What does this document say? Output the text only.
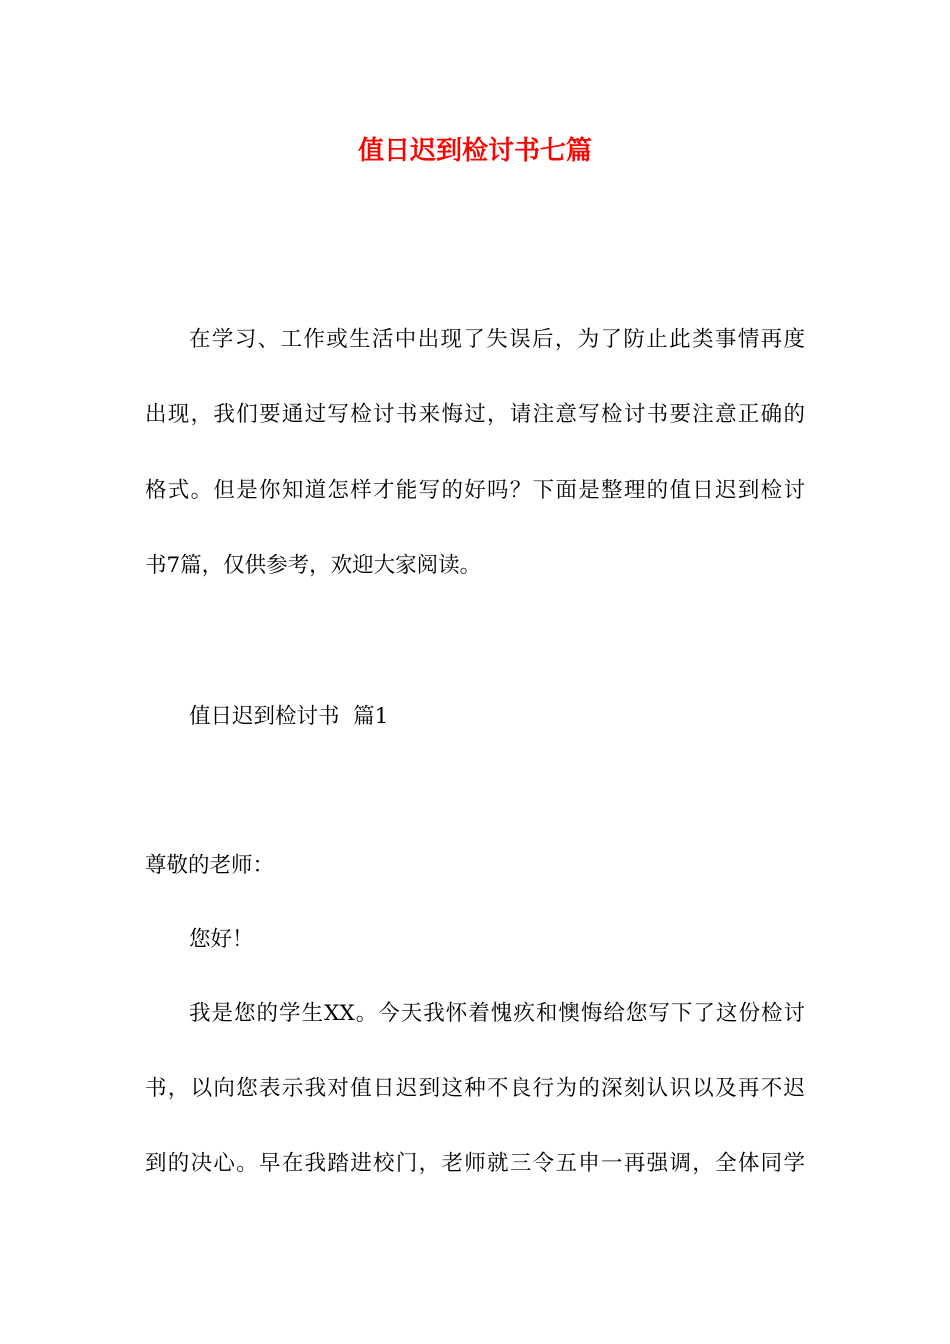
值日迟到检讨书七篇
在学习、工作或生活中出现了失误后，为了防止此类事情再度
出现，我们要通过写检讨书来悔过，请注意写检讨书要注意正确的
格式。但是你知道怎样才能写的好吗？下面是整理的值日迟到检讨
书7篇，仅供参考，欢迎大家阅读。
值日迟到检讨书  篇1
尊敬的老师：
您好！
我是您的学生XX。今天我怀着愧疚和懊悔给您写下了这份检讨
书，以向您表示我对值日迟到这种不良行为的深刻认识以及再不迟
到的决心。早在我踏进校门，老师就三令五申一再强调，全体同学
